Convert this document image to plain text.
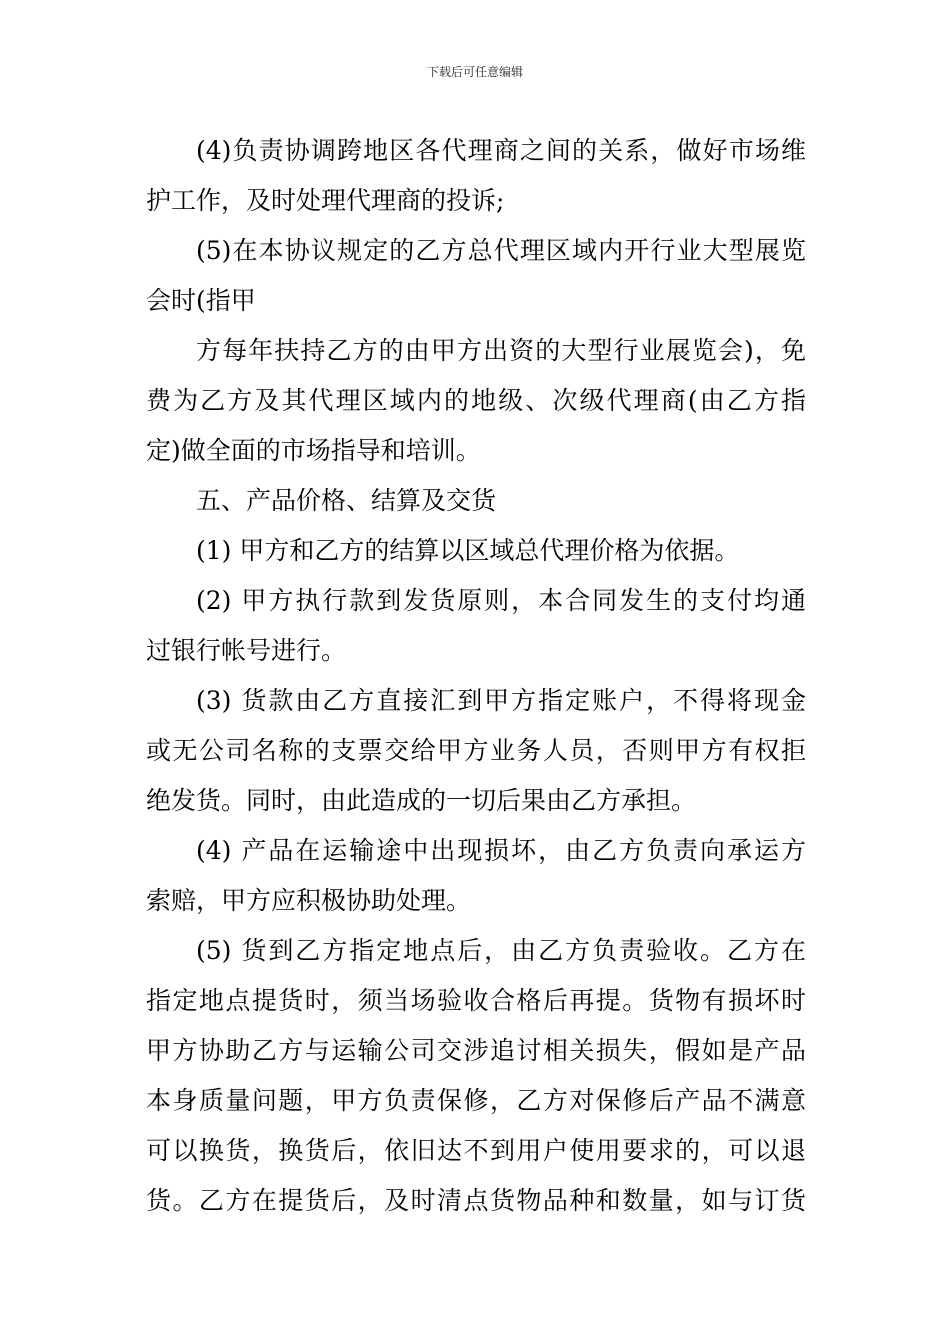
下载后可任意编辑
(4)负责协调跨地区各代理商之间的关系，做好市场维
护工作，及时处理代理商的投诉;
(5)在本协议规定的乙方总代理区域内开行业大型展览
会时(指甲
方每年扶持乙方的由甲方出资的大型行业展览会)，免
费为乙方及其代理区域内的地级、次级代理商(由乙方指
定)做全面的市场指导和培训。
五、产品价格、结算及交货
(1) 甲方和乙方的结算以区域总代理价格为依据。
(2) 甲方执行款到发货原则，本合同发生的支付均通
过银行帐号进行。
(3) 货款由乙方直接汇到甲方指定账户，不得将现金
或无公司名称的支票交给甲方业务人员，否则甲方有权拒
绝发货。同时，由此造成的一切后果由乙方承担。
(4) 产品在运输途中出现损坏，由乙方负责向承运方
索赔，甲方应积极协助处理。
(5) 货到乙方指定地点后，由乙方负责验收。乙方在
指定地点提货时，须当场验收合格后再提。货物有损坏时
甲方协助乙方与运输公司交涉追讨相关损失，假如是产品
本身质量问题，甲方负责保修，乙方对保修后产品不满意
可以换货，换货后，依旧达不到用户使用要求的，可以退
货。乙方在提货后，及时清点货物品种和数量，如与订货
